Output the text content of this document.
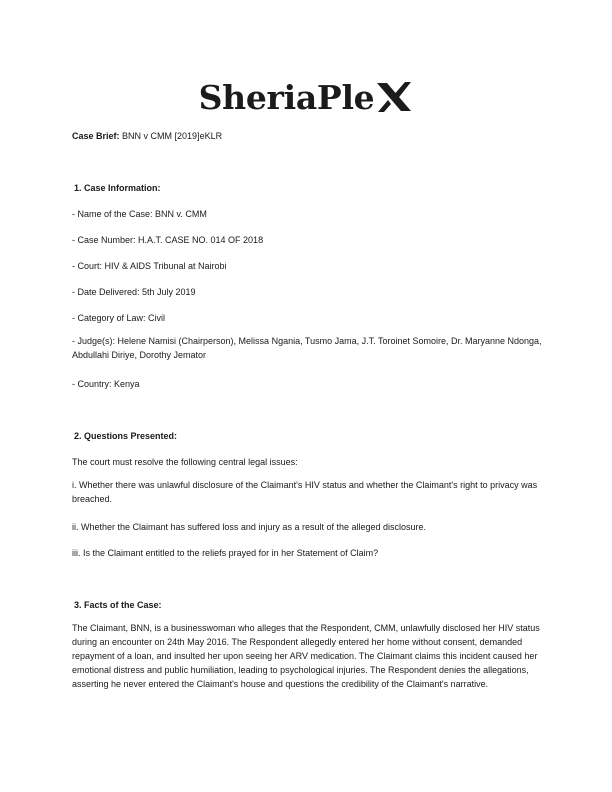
SheriaPle

Case Brief: BNN v CMM [2019]eKLR

1. Case Information:

- Name of the Case: BNN v. CMM

- Case Number: H.A.T. CASE NO. 014 OF 2018

- Court: HIV & AIDS Tribunal at Nairobi

- Date Delivered: 5th July 2019

- Category of Law: Civil

- Judge(s): Helene Namisi (Chairperson), Melissa Ngania, Tusmo Jama, J.T. Toroinet Somoire, Dr. Maryanne Ndonga, Abdullahi Diriye, Dorothy Jemator

- Country: Kenya

2. Questions Presented:

The court must resolve the following central legal issues:

i. Whether there was unlawful disclosure of the Claimant's HIV status and whether the Claimant's right to privacy was breached.

ii. Whether the Claimant has suffered loss and injury as a result of the alleged disclosure.

iii. Is the Claimant entitled to the reliefs prayed for in her Statement of Claim?

3. Facts of the Case:

The Claimant, BNN, is a businesswoman who alleges that the Respondent, CMM, unlawfully disclosed her HIV status during an encounter on 24th May 2016. The Respondent allegedly entered her home without consent, demanded repayment of a loan, and insulted her upon seeing her ARV medication. The Claimant claims this incident caused her emotional distress and public humiliation, leading to psychological injuries. The Respondent denies the allegations, asserting he never entered the Claimant's house and questions the credibility of the Claimant's narrative.
